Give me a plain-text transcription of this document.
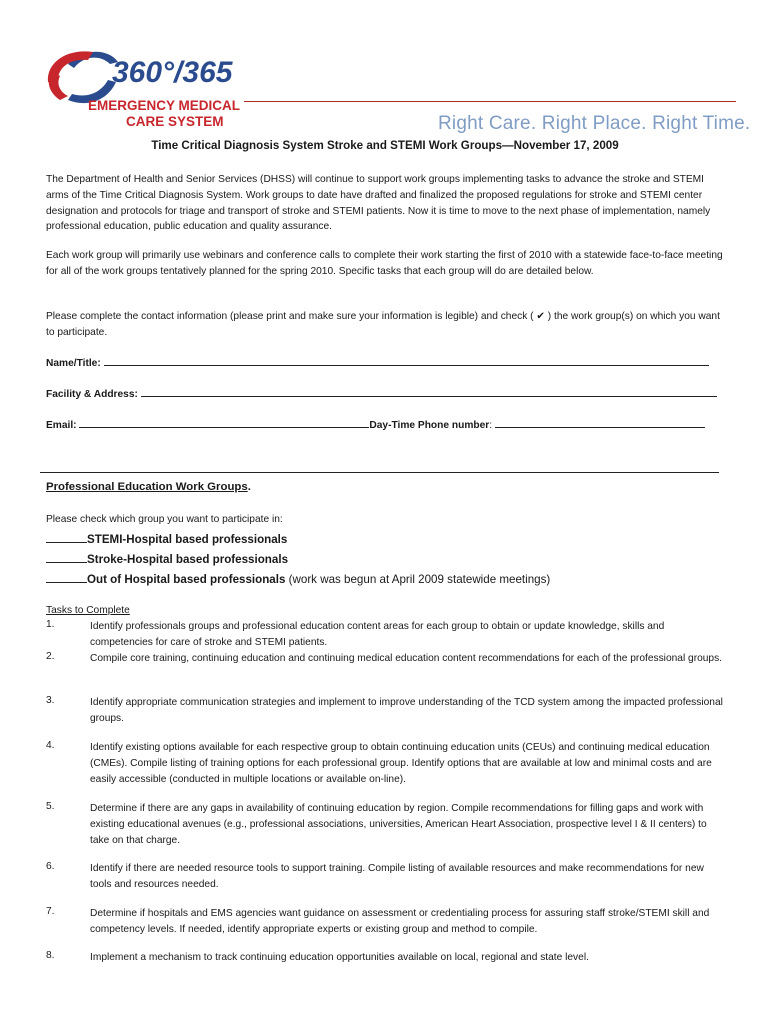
360°/365
EMERGENCY MEDICAL
CARE SYSTEM	Right Care. Right Place. Right Time.
Time Critical Diagnosis System Stroke and STEMI Work Groups—November 17, 2009

The Department of Health and Senior Services (DHSS) will continue to support work groups implementing tasks to advance the stroke and STEMI arms of the Time Critical Diagnosis System. Work groups to date have drafted and finalized the proposed regulations for stroke and STEMI center designation and protocols for triage and transport of stroke and STEMI patients. Now it is time to move to the next phase of implementation, namely professional education, public education and quality assurance.

Each work group will primarily use webinars and conference calls to complete their work starting the first of 2010 with a statewide face-to-face meeting for all of the work groups tentatively planned for the spring 2010. Specific tasks that each group will do are detailed below.

Please complete the contact information (please print and make sure your information is legible) and check ( ✔ ) the work group(s) on which you want to participate.

Name/Title:
Facility & Address:
Email:	Day-Time Phone number:
Professional Education Work Groups.
Please check which group you want to participate in:
STEMI-Hospital based professionals
Stroke-Hospital based professionals
Out of Hospital based professionals (work was begun at April 2009 statewide meetings)
Tasks to Complete
1.	Identify professionals groups and professional education content areas for each group to obtain or update knowledge, skills and competencies for care of stroke and STEMI patients.
2.	Compile core training, continuing education and continuing medical education content recommendations for each of the professional groups.
3.	Identify appropriate communication strategies and implement to improve understanding of the TCD system among the impacted professional groups.
4.	Identify existing options available for each respective group to obtain continuing education units (CEUs) and continuing medical education (CMEs). Compile listing of training options for each professional group. Identify options that are available at low and minimal costs and are easily accessible (conducted in multiple locations or available on-line).
5.	Determine if there are any gaps in availability of continuing education by region. Compile recommendations for filling gaps and work with existing educational avenues (e.g., professional associations, universities, American Heart Association, prospective level I & II centers) to take on that charge.
6.	Identify if there are needed resource tools to support training. Compile listing of available resources and make recommendations for new tools and resources needed.
7.	Determine if hospitals and EMS agencies want guidance on assessment or credentialing process for assuring staff stroke/STEMI skill and competency levels. If needed, identify appropriate experts or existing group and method to compile.
8.	Implement a mechanism to track continuing education opportunities available on local, regional and state level.
